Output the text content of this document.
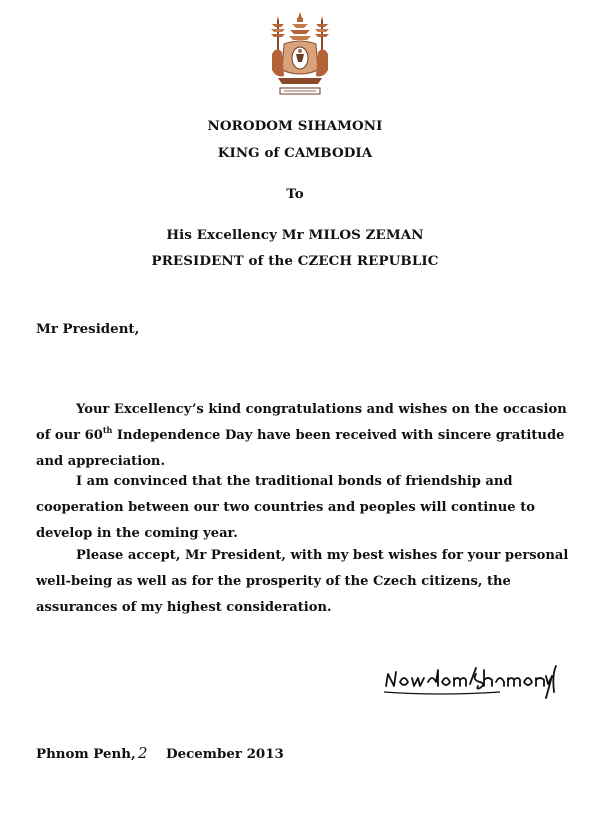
NORODOM SIHAMONI
KING of CAMBODIA
To
His Excellency Mr MILOS ZEMAN
PRESIDENT of the CZECH REPUBLIC
Mr President,

Your Excellency’s kind congratulations and wishes on the occasion of our 60th Independence Day have been received with sincere gratitude and appreciation.

I am convinced that the traditional bonds of friendship and cooperation between our two countries and peoples will continue to develop in the coming year.

Please accept, Mr President, with my best wishes for your personal well-being as well as for the prosperity of the Czech citizens, the assurances of my highest consideration.

Phnom Penh, 2 December 2013
